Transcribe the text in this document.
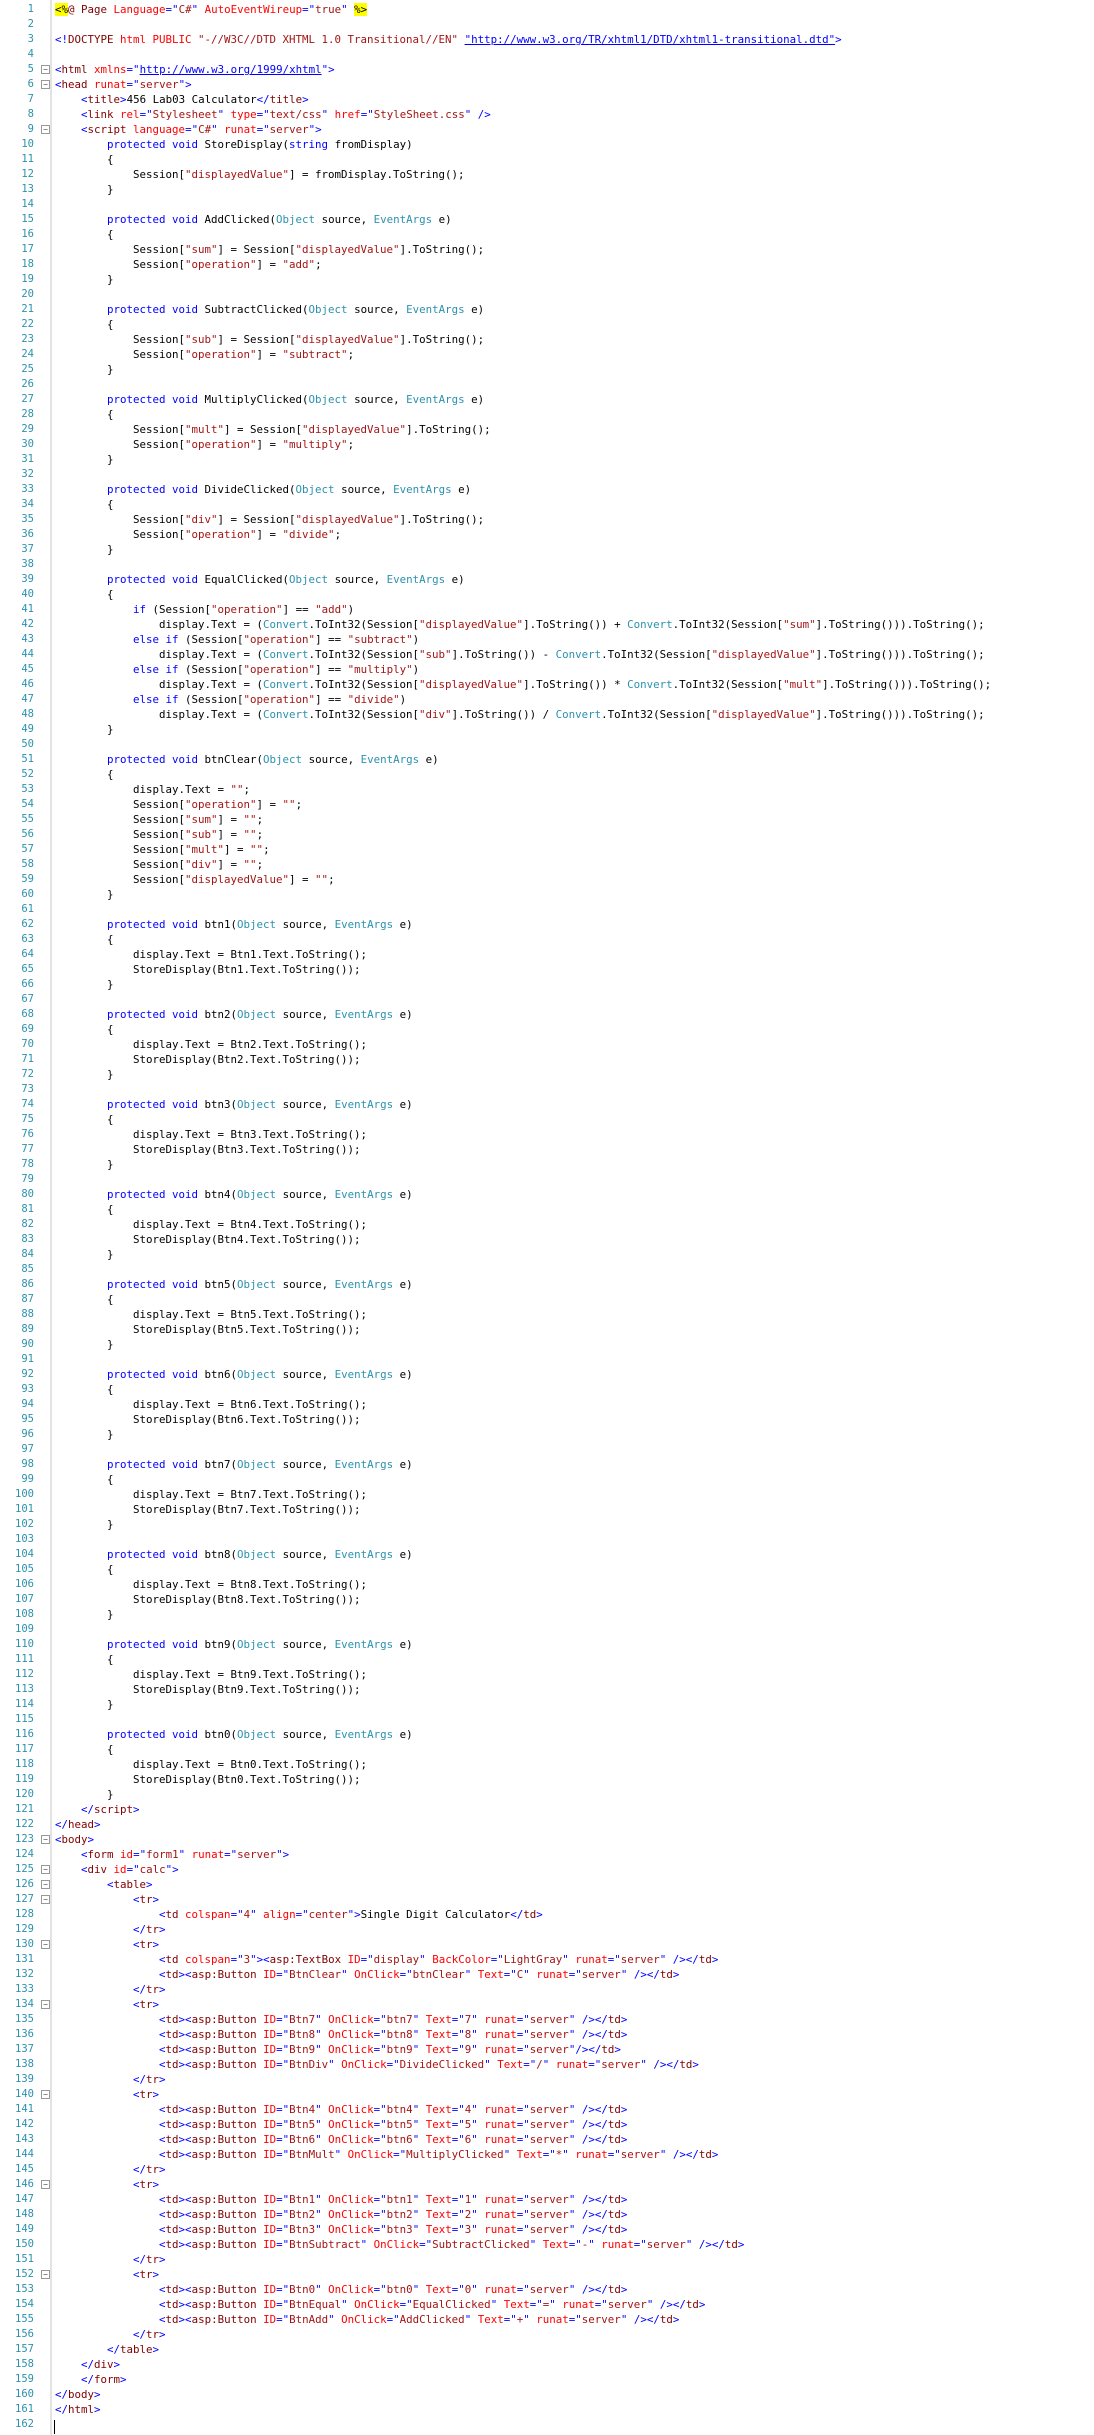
1 <%@ Page Language="C#" AutoEventWireup="true" %>
2
3 <!DOCTYPE html PUBLIC "-//W3C//DTD XHTML 1.0 Transitional//EN" "http://www.w3.org/TR/xhtml1/DTD/xhtml1-transitional.dtd">
4
5 − <html xmlns="http://www.w3.org/1999/xhtml">
6 − <head runat="server">
7	<title>456 Lab03 Calculator</title>
8	<link rel="Stylesheet" type="text/css" href="StyleSheet.css" />
9 −	<script language="C#" runat="server">
10	protected void StoreDisplay(string fromDisplay)
11 {
12 Session["displayedValue"] = fromDisplay.ToString();
13 }
14
15	protected void AddClicked(Object source, EventArgs e)
16 {
17 Session["sum"] = Session["displayedValue"].ToString();
18 Session["operation"] = "add";
19 }
20
21	protected void SubtractClicked(Object source, EventArgs e)
22 {
23 Session["sub"] = Session["displayedValue"].ToString();
24 Session["operation"] = "subtract";
25 }
26
27	protected void MultiplyClicked(Object source, EventArgs e)
28 {
29 Session["mult"] = Session["displayedValue"].ToString();
30 Session["operation"] = "multiply";
31 }
32
33	protected void DivideClicked(Object source, EventArgs e)
34 {
35 Session["div"] = Session["displayedValue"].ToString();
36 Session["operation"] = "divide";
37 }
38
39	protected void EqualClicked(Object source, EventArgs e)
40 {
41	if (Session["operation"] == "add")
42 display.Text = (Convert.ToInt32(Session["displayedValue"].ToString()) + Convert.ToInt32(Session["sum"].ToString())).ToString();
43	else if (Session["operation"] == "subtract")
44 display.Text = (Convert.ToInt32(Session["sub"].ToString()) - Convert.ToInt32(Session["displayedValue"].ToString())).ToString();
45	else if (Session["operation"] == "multiply")
46 display.Text = (Convert.ToInt32(Session["displayedValue"].ToString()) * Convert.ToInt32(Session["mult"].ToString())).ToString();
47	else if (Session["operation"] == "divide")
48 display.Text = (Convert.ToInt32(Session["div"].ToString()) / Convert.ToInt32(Session["displayedValue"].ToString())).ToString();
49 }
50
51	protected void btnClear(Object source, EventArgs e)
52 {
53 display.Text = "";
54 Session["operation"] = "";
55 Session["sum"] = "";
56 Session["sub"] = "";
57 Session["mult"] = "";
58 Session["div"] = "";
59 Session["displayedValue"] = "";
60 }
61
62	protected void btn1(Object source, EventArgs e)
63 {
64 display.Text = Btn1.Text.ToString();
65 StoreDisplay(Btn1.Text.ToString());
66 }
67
68	protected void btn2(Object source, EventArgs e)
69 {
70 display.Text = Btn2.Text.ToString();
71 StoreDisplay(Btn2.Text.ToString());
72 }
73
74	protected void btn3(Object source, EventArgs e)
75 {
76 display.Text = Btn3.Text.ToString();
77 StoreDisplay(Btn3.Text.ToString());
78 }
79
80	protected void btn4(Object source, EventArgs e)
81 {
82 display.Text = Btn4.Text.ToString();
83 StoreDisplay(Btn4.Text.ToString());
84 }
85
86	protected void btn5(Object source, EventArgs e)
87 {
88 display.Text = Btn5.Text.ToString();
89 StoreDisplay(Btn5.Text.ToString());
90 }
91
92	protected void btn6(Object source, EventArgs e)
93 {
94 display.Text = Btn6.Text.ToString();
95 StoreDisplay(Btn6.Text.ToString());
96 }
97
98	protected void btn7(Object source, EventArgs e)
99 {
100 display.Text = Btn7.Text.ToString();
101 StoreDisplay(Btn7.Text.ToString());
102 }
103
104	protected void btn8(Object source, EventArgs e)
105 {
106 display.Text = Btn8.Text.ToString();
107 StoreDisplay(Btn8.Text.ToString());
108 }
109
110	protected void btn9(Object source, EventArgs e)
111 {
112 display.Text = Btn9.Text.ToString();
113 StoreDisplay(Btn9.Text.ToString());
114 }
115
116	protected void btn0(Object source, EventArgs e)
117 {
118 display.Text = Btn0.Text.ToString();
119 StoreDisplay(Btn0.Text.ToString());
120 }
121	</script>
122 </head>
123 − <body>
124	<form id="form1" runat="server">
125 −	<div id="calc">
126 −	<table>
127 −	<tr>
128	<td colspan="4" align="center">Single Digit Calculator</td>
129	</tr>
130 −	<tr>
131	<td colspan="3"><asp:TextBox ID="display" BackColor="LightGray" runat="server" /></td>
132	<td><asp:Button ID="BtnClear" OnClick="btnClear" Text="C" runat="server" /></td>
133	</tr>
134 −	<tr>
135	<td><asp:Button ID="Btn7" OnClick="btn7" Text="7" runat="server" /></td>
136	<td><asp:Button ID="Btn8" OnClick="btn8" Text="8" runat="server" /></td>
137	<td><asp:Button ID="Btn9" OnClick="btn9" Text="9" runat="server"/></td>
138	<td><asp:Button ID="BtnDiv" OnClick="DivideClicked" Text="/" runat="server" /></td>
139	</tr>
140 −	<tr>
141	<td><asp:Button ID="Btn4" OnClick="btn4" Text="4" runat="server" /></td>
142	<td><asp:Button ID="Btn5" OnClick="btn5" Text="5" runat="server" /></td>
143	<td><asp:Button ID="Btn6" OnClick="btn6" Text="6" runat="server" /></td>
144	<td><asp:Button ID="BtnMult" OnClick="MultiplyClicked" Text="*" runat="server" /></td>
145	</tr>
146 −	<tr>
147	<td><asp:Button ID="Btn1" OnClick="btn1" Text="1" runat="server" /></td>
148	<td><asp:Button ID="Btn2" OnClick="btn2" Text="2" runat="server" /></td>
149	<td><asp:Button ID="Btn3" OnClick="btn3" Text="3" runat="server" /></td>
150	<td><asp:Button ID="BtnSubtract" OnClick="SubtractClicked" Text="-" runat="server" /></td>
151	</tr>
152 −	<tr>
153	<td><asp:Button ID="Btn0" OnClick="btn0" Text="0" runat="server" /></td>
154	<td><asp:Button ID="BtnEqual" OnClick="EqualClicked" Text="=" runat="server" /></td>
155	<td><asp:Button ID="BtnAdd" OnClick="AddClicked" Text="+" runat="server" /></td>
156	</tr>
157	</table>
158	</div>
159	</form>
160 </body>
161 </html>
162
